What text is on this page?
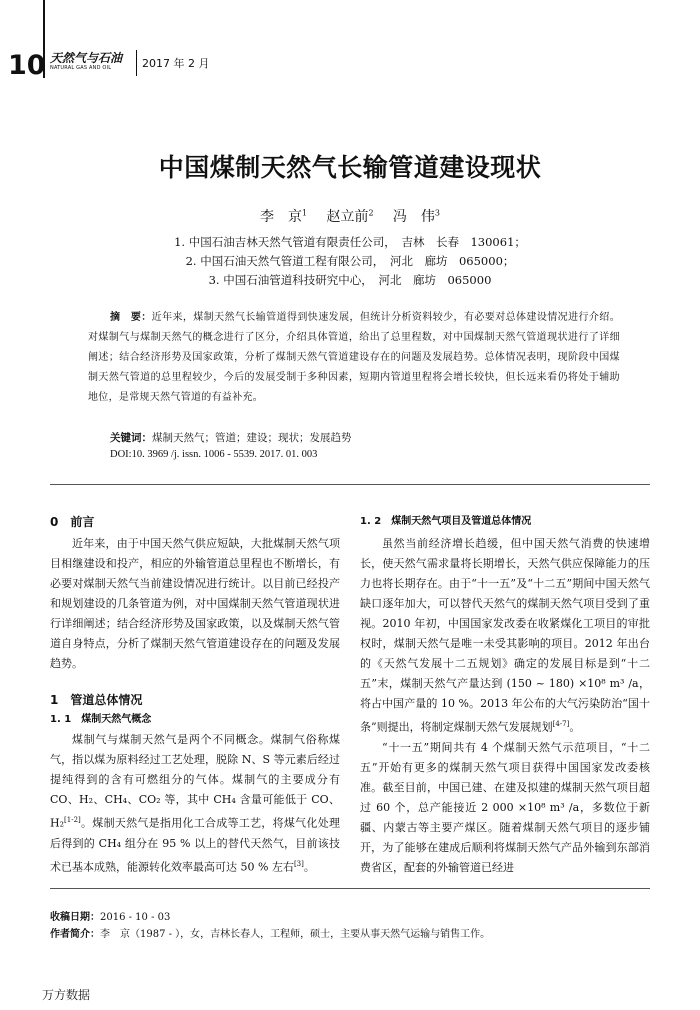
10 天然气与石油
NATURAL GAS AND OIL	2017 年 2 月
中国煤制天然气长输管道建设现状
李　京$^1$ 赵立前$^2$ 冯　伟$^3$
1. 中国石油吉林天然气管道有限责任公司，　吉林　长春　130061；
2. 中国石油天然气管道工程有限公司，　河北　廊坊　065000；
3. 中国石油管道科技研究中心，　河北　廊坊　065000
摘　要：近年来，煤制天然气长输管道得到快速发展，但统计分析资料较少，有必要对总体建设情况进行介绍。对煤制气与煤制天然气的概念进行了区分，介绍具体管道，给出了总里程数，对中国煤制天然气管道现状进行了详细阐述；结合经济形势及国家政策，分析了煤制天然气管道建设存在的问题及发展趋势。总体情况表明，现阶段中国煤制天然气管道的总里程较少，今后的发展受制于多种因素，短期内管道里程将会增长较快，但长远来看仍将处于辅助地位，是常规天然气管道的有益补充。
关键词：煤制天然气；管道；建设；现状；发展趋势
DOI:10. 3969 /j. issn. 1006 - 5539. 2017. 01. 003
0　前言

近年来，由于中国天然气供应短缺，大批煤制天然气项目相继建设和投产，相应的外输管道总里程也不断增长，有必要对煤制天然气当前建设情况进行统计。以目前已经投产和规划建设的几条管道为例，对中国煤制天然气管道现状进行详细阐述；结合经济形势及国家政策，以及煤制天然气管道自身特点，分析了煤制天然气管道建设存在的问题及发展趋势。

1　管道总体情况
1. 1　煤制天然气概念

煤制气与煤制天然气是两个不同概念。煤制气俗称煤气，指以煤为原料经过工艺处理，脱除 N、S 等元素后经过提纯得到的含有可燃组分的气体。煤制气的主要成分有 CO、H₂、CH₄、CO₂ 等，其中 CH₄ 含量可能低于 CO、H₂[1-2]。煤制天然气是指用化工合成等工艺，将煤气化处理后得到的 CH₄ 组分在 95 % 以上的替代天然气，目前该技术已基本成熟，能源转化效率最高可达 50 % 左右[3]。

1. 2　煤制天然气项目及管道总体情况

虽然当前经济增长趋缓，但中国天然气消费的快速增长，使天然气需求量将长期增长，天然气供应保障能力的压力也将长期存在。由于“十一五”及“十二五”期间中国天然气缺口逐年加大，可以替代天然气的煤制天然气项目受到了重视。2010 年初，中国国家发改委在收紧煤化工项目的审批权时，煤制天然气是唯一未受其影响的项目。2012 年出台的《天然气发展十二五规划》确定的发展目标是到“十二五”末，煤制天然气产量达到 (150 ~ 180) ×10⁸ m³ /a，将占中国产量的 10 %。2013 年公布的大气污染防治“国十条”则提出，将制定煤制天然气发展规划[4-7]。

“十一五”期间共有 4 个煤制天然气示范项目，“十二五”开始有更多的煤制天然气项目获得中国国家发改委核准。截至目前，中国已建、在建及拟建的煤制天然气项目超过 60 个，总产能接近 2 000 ×10⁸ m³ /a，多数位于新疆、内蒙古等主要产煤区。随着煤制天然气项目的逐步铺开，为了能够在建成后顺利将煤制天然气产品外输到东部消费省区，配套的外输管道已经进

收稿日期：2016 - 10 - 03
作者简介：李　京（1987 - ），女，吉林长春人，工程师，硕士，主要从事天然气运输与销售工作。
万方数据
